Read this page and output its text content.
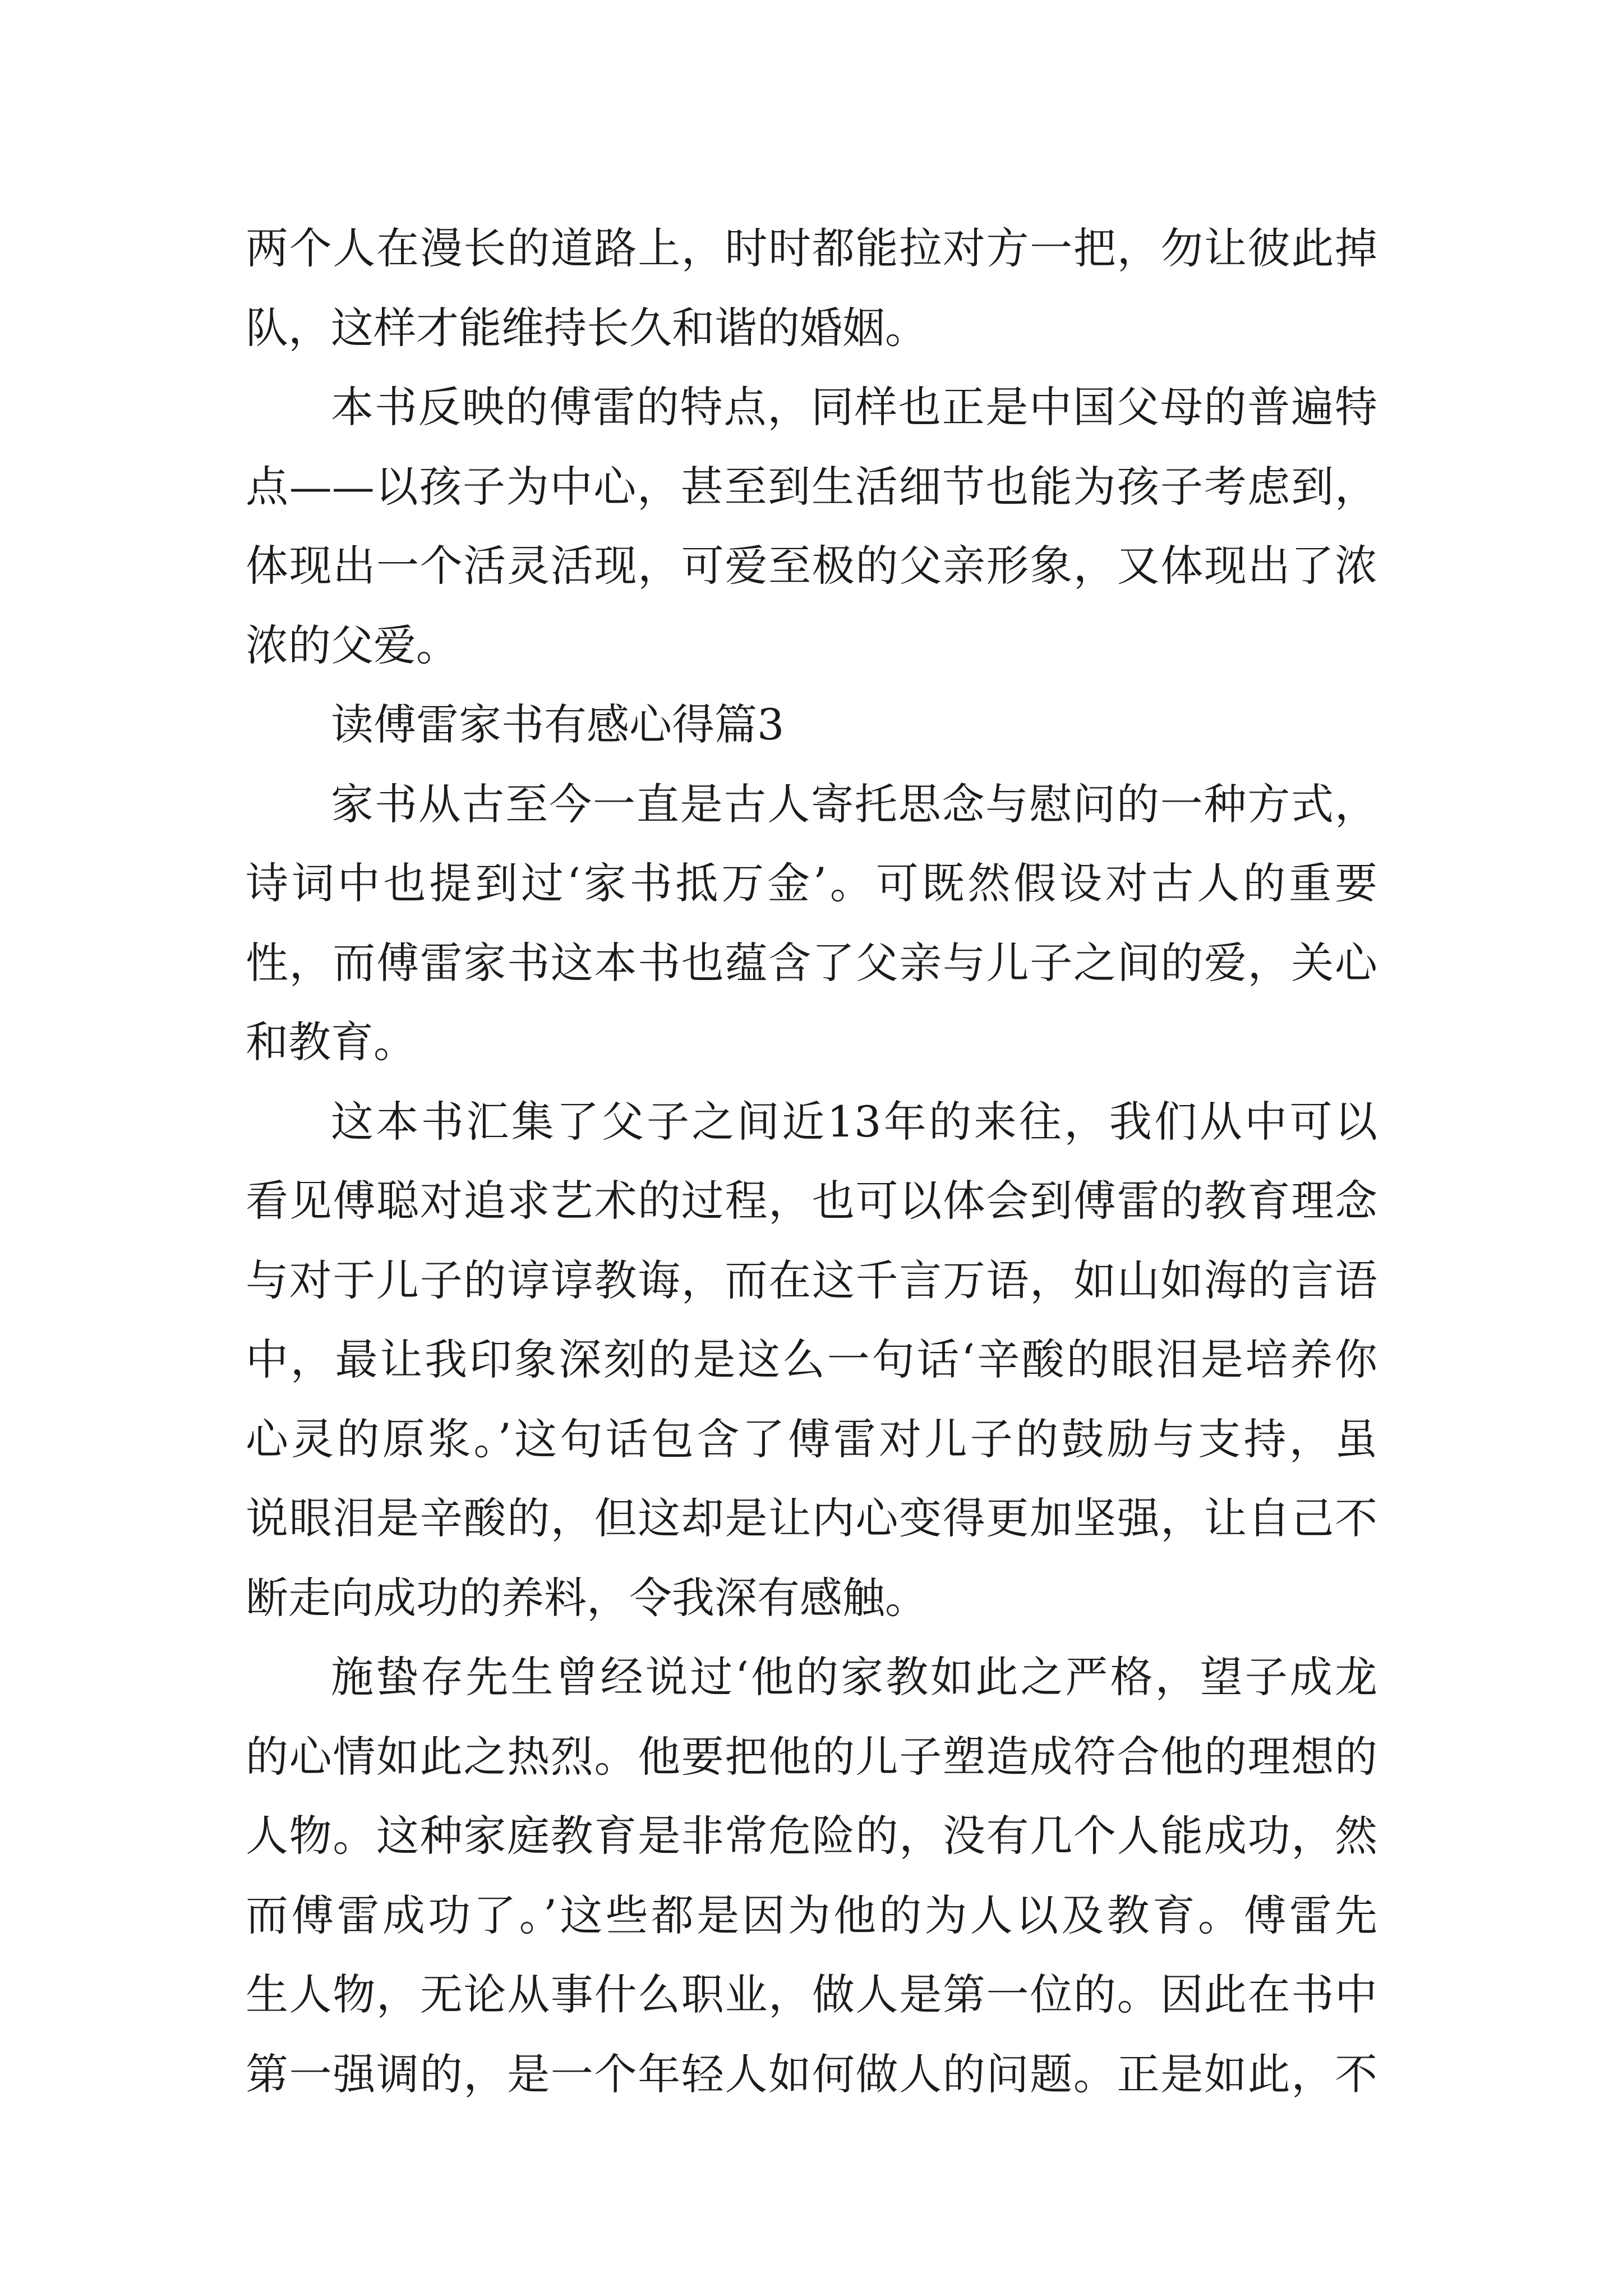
两个人在漫长的道路上，时时都能拉对方一把，勿让彼此掉
队，这样才能维持长久和谐的婚姻。

本书反映的傅雷的特点，同样也正是中国父母的普遍特
点——以孩子为中心，甚至到生活细节也能为孩子考虑到，
体现出一个活灵活现，可爱至极的父亲形象，又体现出了浓
浓的父爱。

读傅雷家书有感心得篇3

家书从古至今一直是古人寄托思念与慰问的一种方式，
诗词中也提到过‘家书抵万金’。可既然假设对古人的重要
性，而傅雷家书这本书也蕴含了父亲与儿子之间的爱，关心
和教育。

这本书汇集了父子之间近13年的来往，我们从中可以
看见傅聪对追求艺术的过程，也可以体会到傅雷的教育理念
与对于儿子的谆谆教诲，而在这千言万语，如山如海的言语
中，最让我印象深刻的是这么一句话‘辛酸的眼泪是培养你
心灵的原浆。’这句话包含了傅雷对儿子的鼓励与支持，虽
说眼泪是辛酸的，但这却是让内心变得更加坚强，让自己不
断走向成功的养料，令我深有感触。

施蛰存先生曾经说过‘他的家教如此之严格，望子成龙
的心情如此之热烈。他要把他的儿子塑造成符合他的理想的
人物。这种家庭教育是非常危险的，没有几个人能成功，然
而傅雷成功了。’这些都是因为他的为人以及教育。傅雷先
生人物，无论从事什么职业，做人是第一位的。因此在书中
第一强调的，是一个年轻人如何做人的问题。正是如此，不
